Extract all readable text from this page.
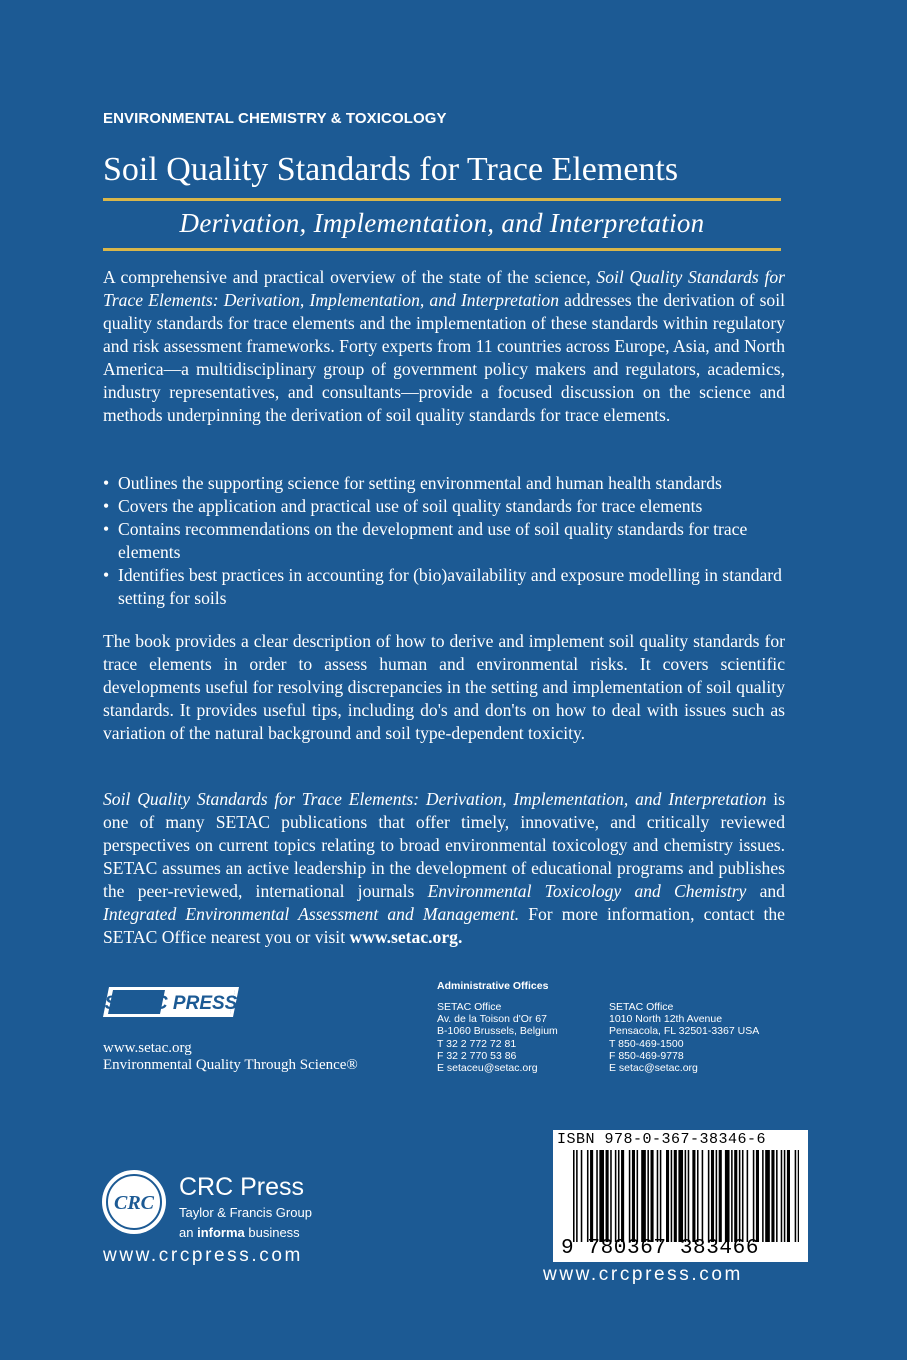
ENVIRONMENTAL CHEMISTRY & TOXICOLOGY
Soil Quality Standards for Trace Elements
Derivation, Implementation, and Interpretation

A comprehensive and practical overview of the state of the science, Soil Quality Standards for Trace Elements: Derivation, Implementation, and Interpretation addresses the derivation of soil quality standards for trace elements and the implementation of these standards within regulatory and risk assessment frameworks. Forty experts from 11 countries across Europe, Asia, and North America—a multidisciplinary group of government policy makers and regulators, academics, industry representatives, and consultants—provide a focused discussion on the science and methods underpinning the derivation of soil quality standards for trace elements.

• Outlines the supporting science for setting environmental and human health standards
• Covers the application and practical use of soil quality standards for trace elements
• Contains recommendations on the development and use of soil quality standards for trace elements
• Identifies best practices in accounting for (bio)availability and exposure modelling in standard setting for soils

The book provides a clear description of how to derive and implement soil quality standards for trace elements in order to assess human and environmental risks. It covers scientific developments useful for resolving discrepancies in the setting and implementation of soil quality standards. It provides useful tips, including do's and don'ts on how to deal with issues such as variation of the natural background and soil type-dependent toxicity.

Soil Quality Standards for Trace Elements: Derivation, Implementation, and Interpretation is one of many SETAC publications that offer timely, innovative, and critically reviewed perspectives on current topics relating to broad environmental toxicology and chemistry issues. SETAC assumes an active leadership in the development of educational programs and publishes the peer-reviewed, international journals Environmental Toxicology and Chemistry and Integrated Environmental Assessment and Management. For more information, contact the SETAC Office nearest you or visit www.setac.org.

SETAC PRESS
www.setac.org
Environmental Quality Through Science®
Administrative Offices
SETAC Office
Av. de la Toison d'Or 67
B-1060 Brussels, Belgium
T 32 2 772 72 81
F 32 2 770 53 86
E setaceu@setac.org
SETAC Office
1010 North 12th Avenue
Pensacola, FL 32501-3367 USA
T 850-469-1500
F 850-469-9778
E setac@setac.org
CRC
CRC Press
Taylor & Francis Group
an informa business
www.crcpress.com
ISBN 978-0-367-38346-6
9 780367 383466
www.crcpress.com
